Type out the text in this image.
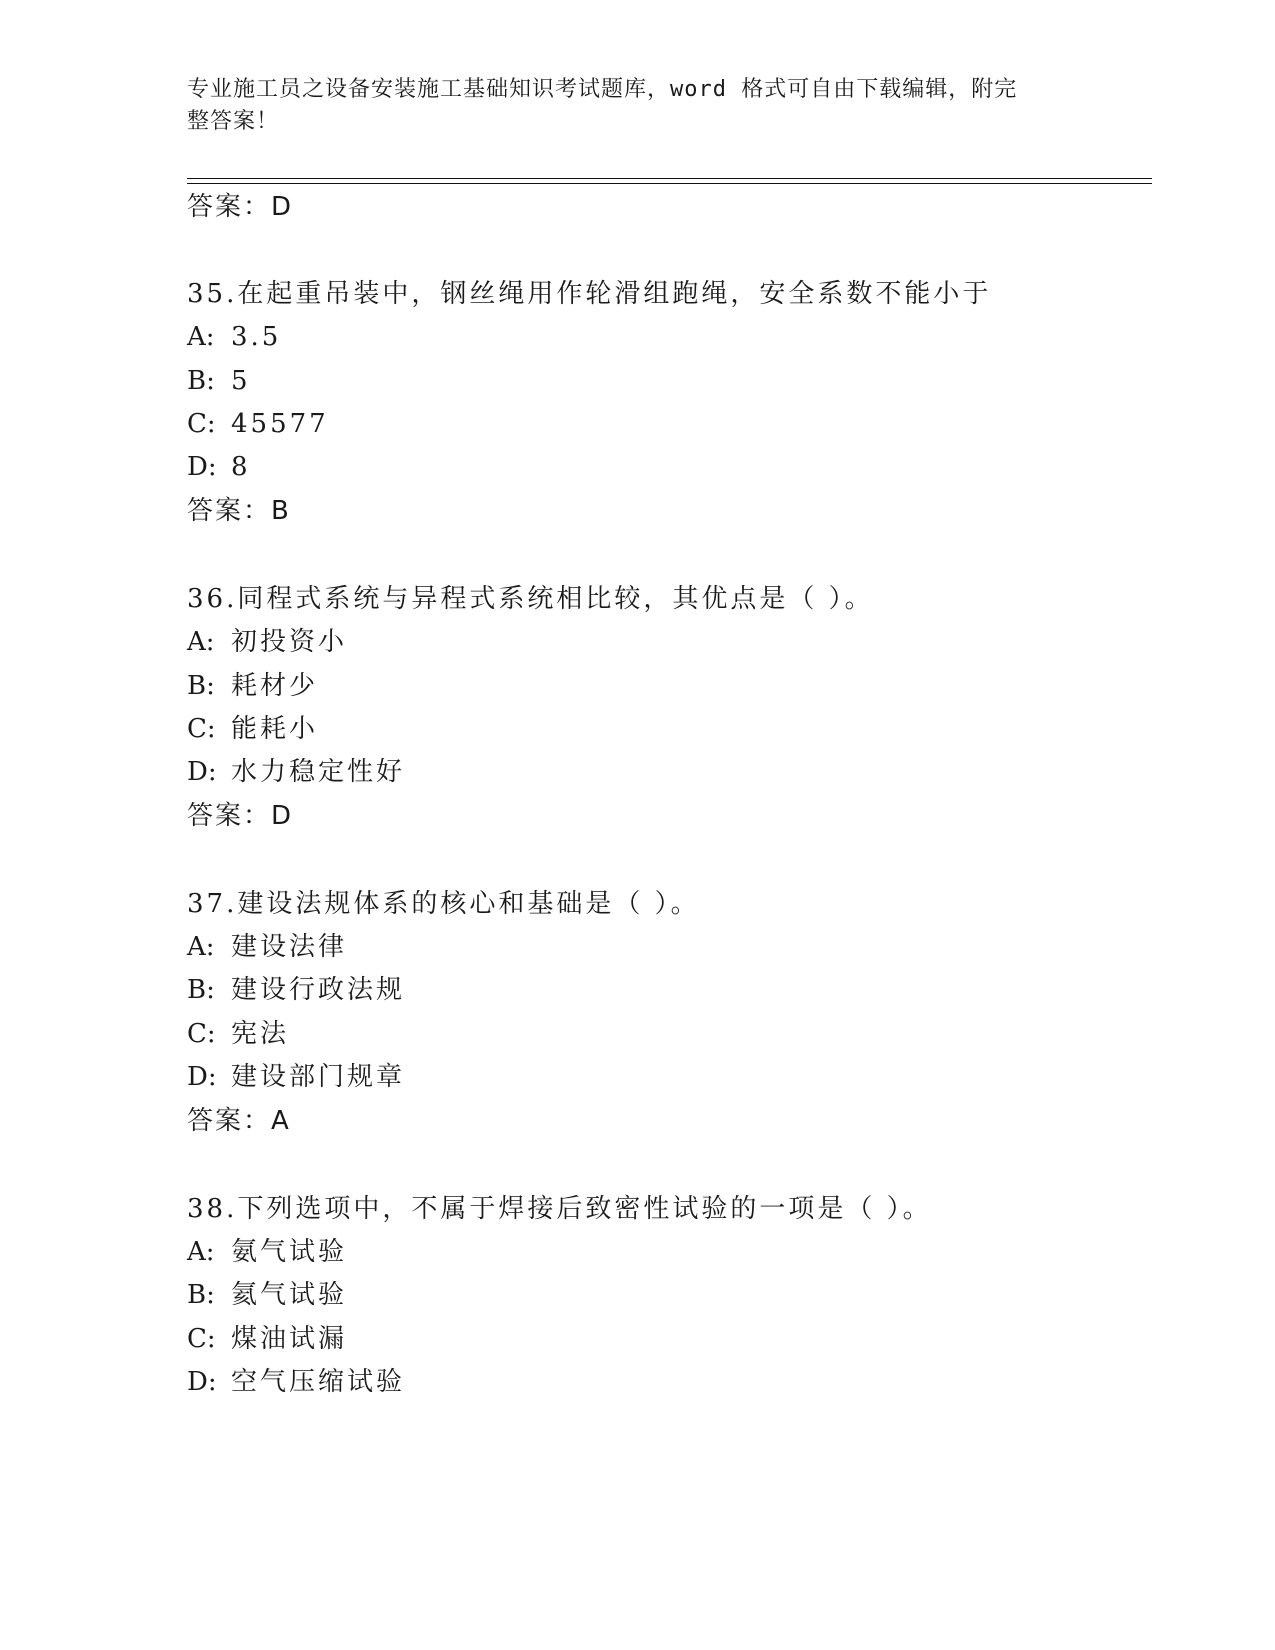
专业施工员之设备安装施工基础知识考试题库，word 格式可自由下载编辑，附完
整答案！
答案：D
35.在起重吊装中，钢丝绳用作轮滑组跑绳，安全系数不能小于
A: 3.5
B: 5
C: 45577
D: 8
答案：B
36.同程式系统与异程式系统相比较，其优点是（ ）。
A: 初投资小
B: 耗材少
C: 能耗小
D: 水力稳定性好
答案：D
37.建设法规体系的核心和基础是（ ）。
A: 建设法律
B: 建设行政法规
C: 宪法
D: 建设部门规章
答案：A
38.下列选项中，不属于焊接后致密性试验的一项是（ ）。
A: 氨气试验
B: 氦气试验
C: 煤油试漏
D: 空气压缩试验
